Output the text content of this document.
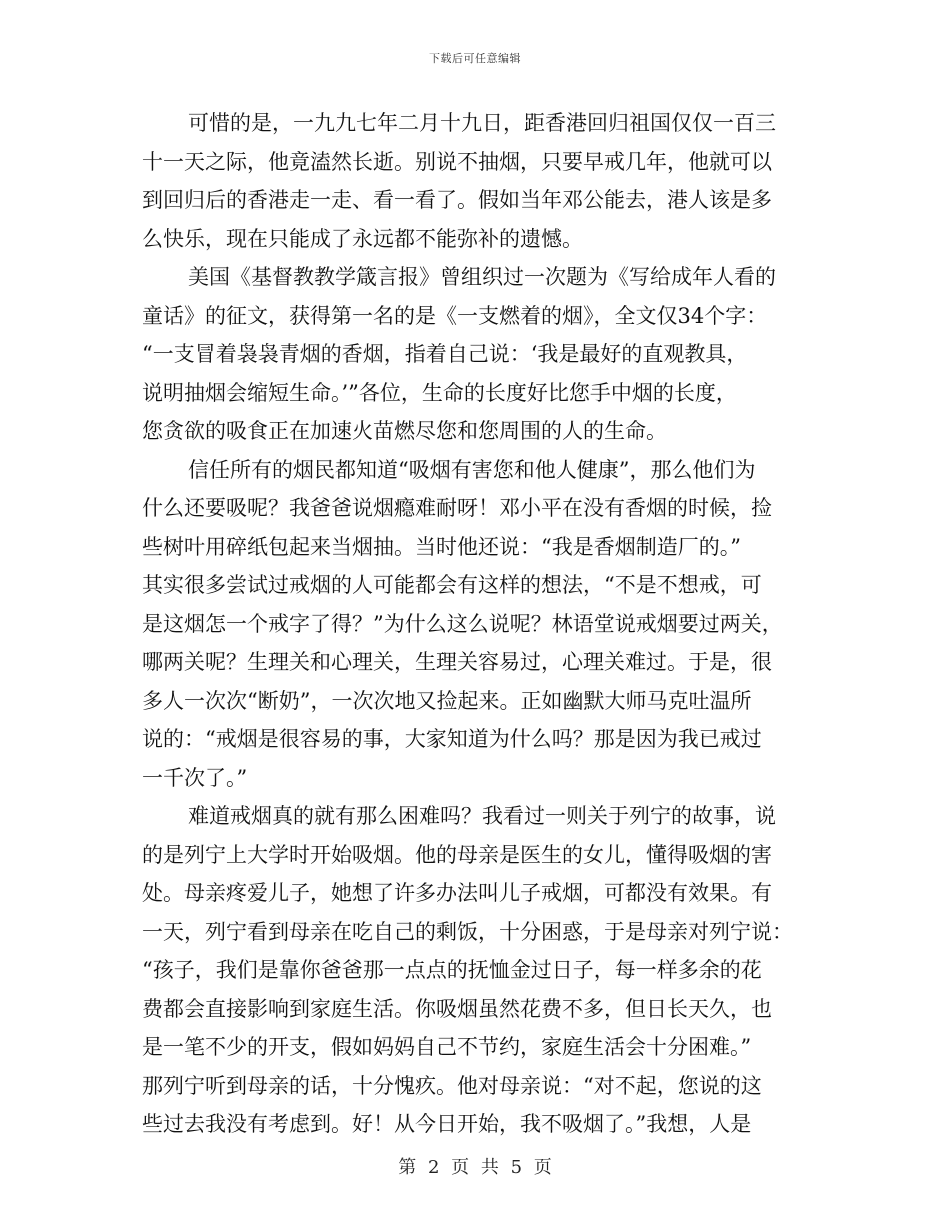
下载后可任意编辑
可惜的是，一九九七年二月十九日，距香港回归祖国仅仅一百三
十一天之际，他竟溘然长逝。别说不抽烟，只要早戒几年，他就可以
到回归后的香港走一走、看一看了。假如当年邓公能去，港人该是多
么快乐，现在只能成了永远都不能弥补的遗憾。
美国《基督教教学箴言报》曾组织过一次题为《写给成年人看的
童话》的征文，获得第一名的是《一支燃着的烟》，全文仅34个字：
“一支冒着袅袅青烟的香烟，指着自己说：‘我是最好的直观教具，
说明抽烟会缩短生命。’”各位，生命的长度好比您手中烟的长度，
您贪欲的吸食正在加速火苗燃尽您和您周围的人的生命。
信任所有的烟民都知道“吸烟有害您和他人健康”，那么他们为
什么还要吸呢？我爸爸说烟瘾难耐呀！邓小平在没有香烟的时候，捡
些树叶用碎纸包起来当烟抽。当时他还说：“我是香烟制造厂的。”
其实很多尝试过戒烟的人可能都会有这样的想法，“不是不想戒，可
是这烟怎一个戒字了得？”为什么这么说呢？林语堂说戒烟要过两关，
哪两关呢？生理关和心理关，生理关容易过，心理关难过。于是，很
多人一次次“断奶”，一次次地又捡起来。正如幽默大师马克吐温所
说的：“戒烟是很容易的事，大家知道为什么吗？那是因为我已戒过
一千次了。”
难道戒烟真的就有那么困难吗？我看过一则关于列宁的故事，说
的是列宁上大学时开始吸烟。他的母亲是医生的女儿，懂得吸烟的害
处。母亲疼爱儿子，她想了许多办法叫儿子戒烟，可都没有效果。有
一天，列宁看到母亲在吃自己的剩饭，十分困惑，于是母亲对列宁说：
“孩子，我们是靠你爸爸那一点点的抚恤金过日子，每一样多余的花
费都会直接影响到家庭生活。你吸烟虽然花费不多，但日长天久，也
是一笔不少的开支，假如妈妈自己不节约，家庭生活会十分困难。”
那列宁听到母亲的话，十分愧疚。他对母亲说：“对不起，您说的这
些过去我没有考虑到。好！从今日开始，我不吸烟了。”我想，人是
第 2 页 共 5 页
